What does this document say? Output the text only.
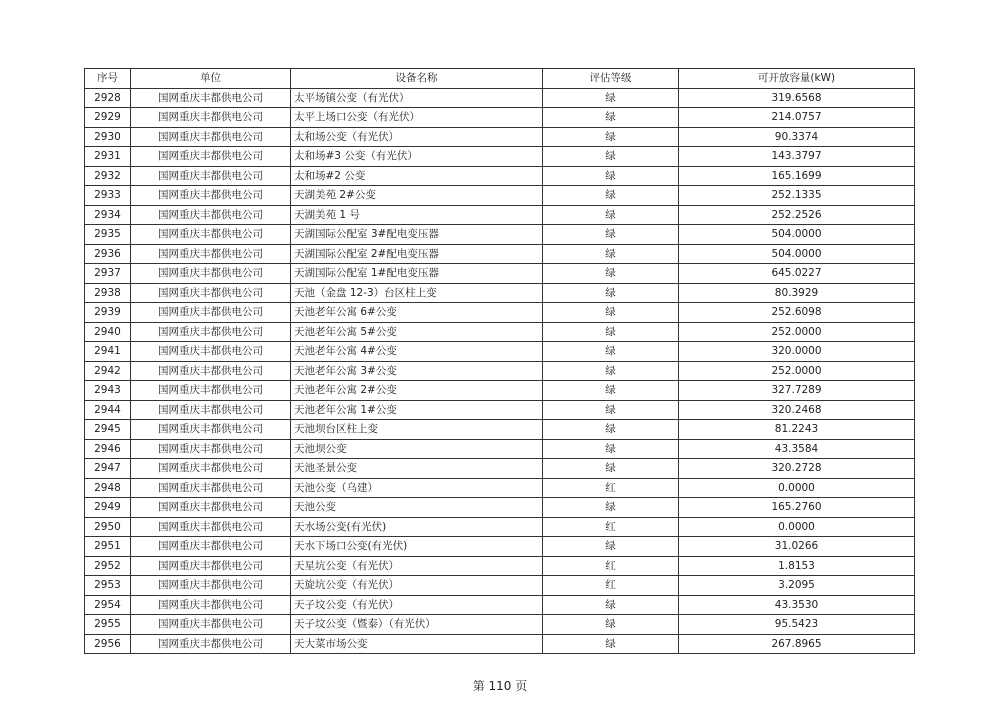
序号	单位	设备名称	评估等级	可开放容量(kW)
2928	国网重庆丰都供电公司	太平场镇公变（有光伏）	绿	319.6568
2929	国网重庆丰都供电公司	太平上场口公变（有光伏）	绿	214.0757
2930	国网重庆丰都供电公司	太和场公变（有光伏）	绿	90.3374
2931	国网重庆丰都供电公司	太和场#3 公变（有光伏）	绿	143.3797
2932	国网重庆丰都供电公司	太和场#2 公变	绿	165.1699
2933	国网重庆丰都供电公司	天湖美苑 2#公变	绿	252.1335
2934	国网重庆丰都供电公司	天湖美苑 1 号	绿	252.2526
2935	国网重庆丰都供电公司	天湖国际公配室 3#配电变压器	绿	504.0000
2936	国网重庆丰都供电公司	天湖国际公配室 2#配电变压器	绿	504.0000
2937	国网重庆丰都供电公司	天湖国际公配室 1#配电变压器	绿	645.0227
2938	国网重庆丰都供电公司	天池（金盘 12-3）台区柱上变	绿	80.3929
2939	国网重庆丰都供电公司	天池老年公寓 6#公变	绿	252.6098
2940	国网重庆丰都供电公司	天池老年公寓 5#公变	绿	252.0000
2941	国网重庆丰都供电公司	天池老年公寓 4#公变	绿	320.0000
2942	国网重庆丰都供电公司	天池老年公寓 3#公变	绿	252.0000
2943	国网重庆丰都供电公司	天池老年公寓 2#公变	绿	327.7289
2944	国网重庆丰都供电公司	天池老年公寓 1#公变	绿	320.2468
2945	国网重庆丰都供电公司	天池坝台区柱上变	绿	81.2243
2946	国网重庆丰都供电公司	天池坝公变	绿	43.3584
2947	国网重庆丰都供电公司	天池圣景公变	绿	320.2728
2948	国网重庆丰都供电公司	天池公变（乌建）	红	0.0000
2949	国网重庆丰都供电公司	天池公变	绿	165.2760
2950	国网重庆丰都供电公司	天水场公变(有光伏)	红	0.0000
2951	国网重庆丰都供电公司	天水下场口公变(有光伏)	绿	31.0266
2952	国网重庆丰都供电公司	天星坑公变（有光伏）	红	1.8153
2953	国网重庆丰都供电公司	天旋坑公变（有光伏）	红	3.2095
2954	国网重庆丰都供电公司	天子坟公变（有光伏）	绿	43.3530
2955	国网重庆丰都供电公司	天子坟公变（暨泰）（有光伏）	绿	95.5423
2956	国网重庆丰都供电公司	天大菜市场公变	绿	267.8965
第 110 页
